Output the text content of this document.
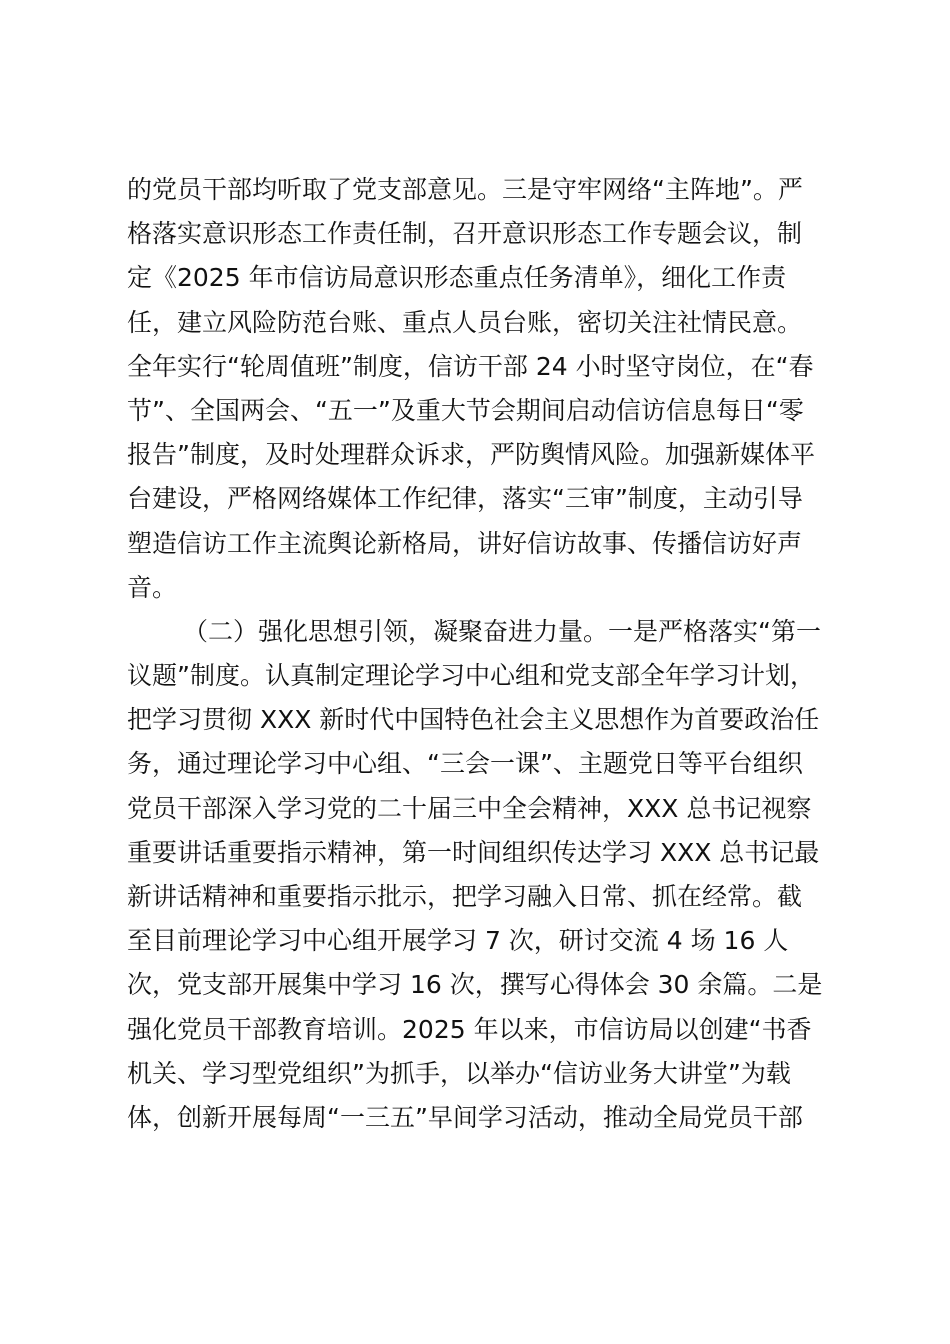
的党员干部均听取了党支部意见。三是守牢网络“主阵地”。严
格落实意识形态工作责任制，召开意识形态工作专题会议，制
定《2025 年市信访局意识形态重点任务清单》，细化工作责
任，建立风险防范台账、重点人员台账，密切关注社情民意。
全年实行“轮周值班”制度，信访干部 24 小时坚守岗位，在“春
节”、全国两会、“五一”及重大节会期间启动信访信息每日“零
报告”制度，及时处理群众诉求，严防舆情风险。加强新媒体平
台建设，严格网络媒体工作纪律，落实“三审”制度，主动引导
塑造信访工作主流舆论新格局，讲好信访故事、传播信访好声
音。
（二）强化思想引领，凝聚奋进力量。一是严格落实“第一
议题”制度。认真制定理论学习中心组和党支部全年学习计划，
把学习贯彻 XXX 新时代中国特色社会主义思想作为首要政治任
务，通过理论学习中心组、“三会一课”、主题党日等平台组织
党员干部深入学习党的二十届三中全会精神，XXX 总书记视察
重要讲话重要指示精神，第一时间组织传达学习 XXX 总书记最
新讲话精神和重要指示批示，把学习融入日常、抓在经常。截
至目前理论学习中心组开展学习 7 次，研讨交流 4 场 16 人
次，党支部开展集中学习 16 次，撰写心得体会 30 余篇。二是
强化党员干部教育培训。2025 年以来，市信访局以创建“书香
机关、学习型党组织”为抓手，以举办“信访业务大讲堂”为载
体，创新开展每周“一三五”早间学习活动，推动全局党员干部
